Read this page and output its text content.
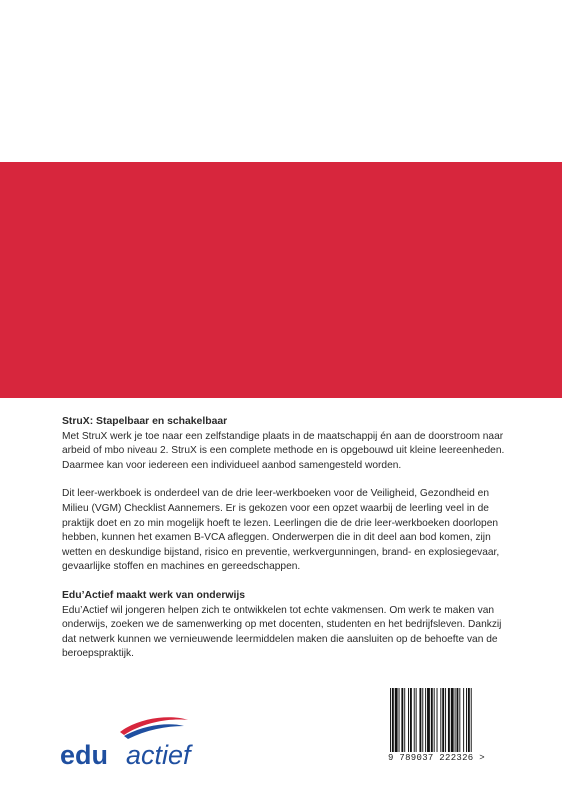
StruX: Stapelbaar en schakelbaar

Met StruX werk je toe naar een zelfstandige plaats in de maatschappij én aan de doorstroom naar arbeid of mbo niveau 2. StruX is een complete methode en is opgebouwd uit kleine leereenheden. Daarmee kan voor iedereen een individueel aanbod samengesteld worden.

Dit leer-werkboek is onderdeel van de drie leer-werkboeken voor de Veiligheid, Gezondheid en Milieu (VGM) Checklist Aannemers. Er is gekozen voor een opzet waarbij de leerling veel in de praktijk doet en zo min mogelijk hoeft te lezen. Leerlingen die de drie leer-werkboeken doorlopen hebben, kunnen het examen B-VCA afleggen. Onderwerpen die in dit deel aan bod komen, zijn wetten en deskundige bijstand, risico en preventie, werkvergunningen, brand- en explosiegevaar, gevaarlijke stoffen en machines en gereedschappen.

Edu’Actief maakt werk van onderwijs

Edu’Actief wil jongeren helpen zich te ontwikkelen tot echte vakmensen. Om werk te maken van onderwijs, zoeken we de samenwerking op met docenten, studenten en het bedrijfsleven. Dankzij dat netwerk kunnen we vernieuwende leermiddelen maken die aansluiten op de behoefte van de beroepspraktijk.

edu actief	9 789037 222326 >
